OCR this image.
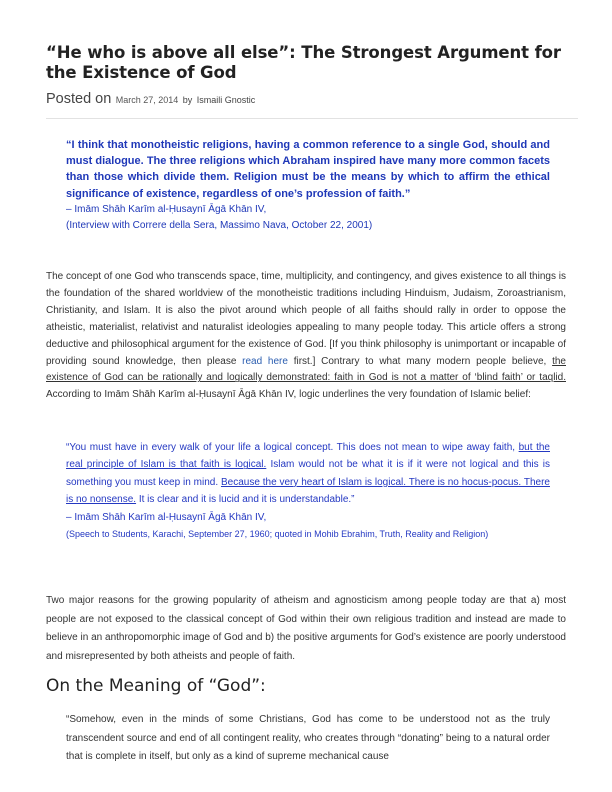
“He who is above all else”: The Strongest Argument for the Existence of God
Posted on March 27, 2014 by Ismaili Gnostic

“I think that monotheistic religions, having a common reference to a single God, should and must dialogue. The three religions which Abraham inspired have many more common facets than those which divide them. Religion must be the means by which to affirm the ethical significance of existence, regardless of one’s profession of faith.”

– Imām Shāh Karīm al-Ḥusaynī Āgā Khān IV,

(Interview with Correre della Sera, Massimo Nava, October 22, 2001)

The concept of one God who transcends space, time, multiplicity, and contingency, and gives existence to all things is the foundation of the shared worldview of the monotheistic traditions including Hinduism, Judaism, Zoroastrianism, Christianity, and Islam. It is also the pivot around which people of all faiths should rally in order to oppose the atheistic, materialist, relativist and naturalist ideologies appealing to many people today. This article offers a strong deductive and philosophical argument for the existence of God. [If you think philosophy is unimportant or incapable of providing sound knowledge, then please read here first.] Contrary to what many modern people believe, the existence of God can be rationally and logically demonstrated: faith in God is not a matter of ‘blind faith’ or taqlid. According to Imām Shāh Karīm al-Ḥusaynī Āgā Khān IV, logic underlines the very foundation of Islamic belief:

“You must have in every walk of your life a logical concept. This does not mean to wipe away faith, but the real principle of Islam is that faith is logical. Islam would not be what it is if it were not logical and this is something you must keep in mind. Because the very heart of Islam is logical. There is no hocus-pocus. There is no nonsense. It is clear and it is lucid and it is understandable.”

– Imām Shāh Karīm al-Ḥusaynī Āgā Khān IV,

(Speech to Students, Karachi, September 27, 1960; quoted in Mohib Ebrahim, Truth, Reality and Religion)

Two major reasons for the growing popularity of atheism and agnosticism among people today are that a) most people are not exposed to the classical concept of God within their own religious tradition and instead are made to believe in an anthropomorphic image of God and b) the positive arguments for God’s existence are poorly understood and misrepresented by both atheists and people of faith.

On the Meaning of “God”:

“Somehow, even in the minds of some Christians, God has come to be understood not as the truly transcendent source and end of all contingent reality, who creates through “donating” being to a natural order that is complete in itself, but only as a kind of supreme mechanical cause
